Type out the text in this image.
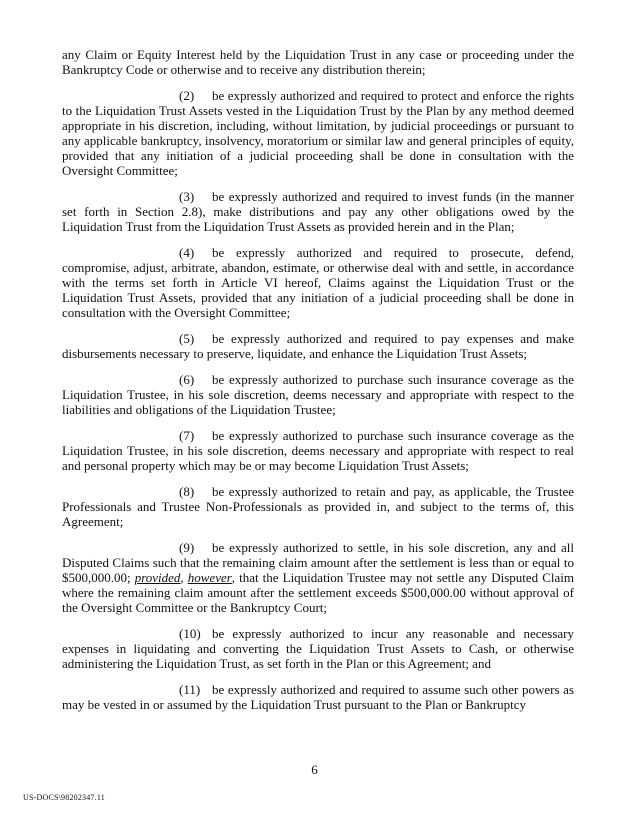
any Claim or Equity Interest held by the Liquidation Trust in any case or proceeding under the Bankruptcy Code or otherwise and to receive any distribution therein;

(2) be expressly authorized and required to protect and enforce the rights to the Liquidation Trust Assets vested in the Liquidation Trust by the Plan by any method deemed appropriate in his discretion, including, without limitation, by judicial proceedings or pursuant to any applicable bankruptcy, insolvency, moratorium or similar law and general principles of equity, provided that any initiation of a judicial proceeding shall be done in consultation with the Oversight Committee;

(3) be expressly authorized and required to invest funds (in the manner set forth in Section 2.8), make distributions and pay any other obligations owed by the Liquidation Trust from the Liquidation Trust Assets as provided herein and in the Plan;

(4) be expressly authorized and required to prosecute, defend, compromise, adjust, arbitrate, abandon, estimate, or otherwise deal with and settle, in accordance with the terms set forth in Article VI hereof, Claims against the Liquidation Trust or the Liquidation Trust Assets, provided that any initiation of a judicial proceeding shall be done in consultation with the Oversight Committee;

(5) be expressly authorized and required to pay expenses and make disbursements necessary to preserve, liquidate, and enhance the Liquidation Trust Assets;

(6) be expressly authorized to purchase such insurance coverage as the Liquidation Trustee, in his sole discretion, deems necessary and appropriate with respect to the liabilities and obligations of the Liquidation Trustee;

(7) be expressly authorized to purchase such insurance coverage as the Liquidation Trustee, in his sole discretion, deems necessary and appropriate with respect to real and personal property which may be or may become Liquidation Trust Assets;

(8) be expressly authorized to retain and pay, as applicable, the Trustee Professionals and Trustee Non-Professionals as provided in, and subject to the terms of, this Agreement;

(9) be expressly authorized to settle, in his sole discretion, any and all Disputed Claims such that the remaining claim amount after the settlement is less than or equal to $500,000.00; provided, however, that the Liquidation Trustee may not settle any Disputed Claim where the remaining claim amount after the settlement exceeds $500,000.00 without approval of the Oversight Committee or the Bankruptcy Court;

(10) be expressly authorized to incur any reasonable and necessary expenses in liquidating and converting the Liquidation Trust Assets to Cash, or otherwise administering the Liquidation Trust, as set forth in the Plan or this Agreement; and

(11) be expressly authorized and required to assume such other powers as may be vested in or assumed by the Liquidation Trust pursuant to the Plan or Bankruptcy

6
US-DOCS\98202347.11
